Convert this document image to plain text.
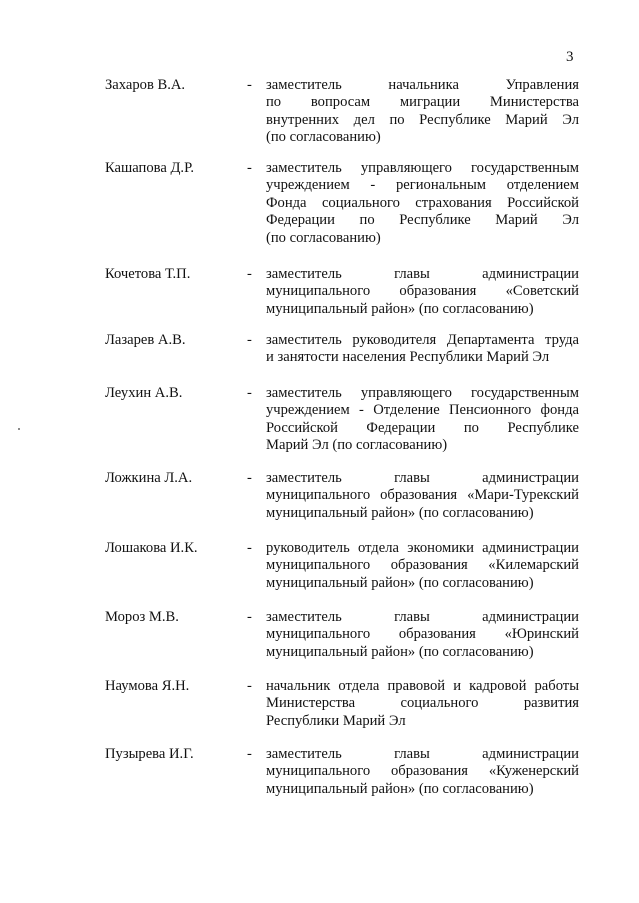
3
Захаров В.А.	- заместитель начальника Управления
по вопросам миграции Министерства
внутренних дел по Республике Марий Эл
(по согласованию)
Кашапова Д.Р.	- заместитель управляющего государственным
учреждением - региональным отделением
Фонда социального страхования Российской
Федерации по Республике Марий Эл
(по согласованию)
Кочетова Т.П.	- заместитель главы администрации
муниципального образования «Советский
муниципальный район» (по согласованию)
Лазарев А.В.	- заместитель руководителя Департамента труда
и занятости населения Республики Марий Эл
Леухин А.В.	- заместитель управляющего государственным
учреждением - Отделение Пенсионного фонда
Российской Федерации по Республике
Марий Эл (по согласованию)
Ложкина Л.А.	- заместитель главы администрации
муниципального образования «Мари-Турекский
муниципальный район» (по согласованию)
Лошакова И.К.	- руководитель отдела экономики администрации
муниципального образования «Килемарский
муниципальный район» (по согласованию)
Мороз М.В.	- заместитель главы администрации
муниципального образования «Юринский
муниципальный район» (по согласованию)
Наумова Я.Н.	- начальник отдела правовой и кадровой работы
Министерства социального развития
Республики Марий Эл
Пузырева И.Г.	- заместитель главы администрации
муниципального образования «Куженерский
муниципальный район» (по согласованию)
